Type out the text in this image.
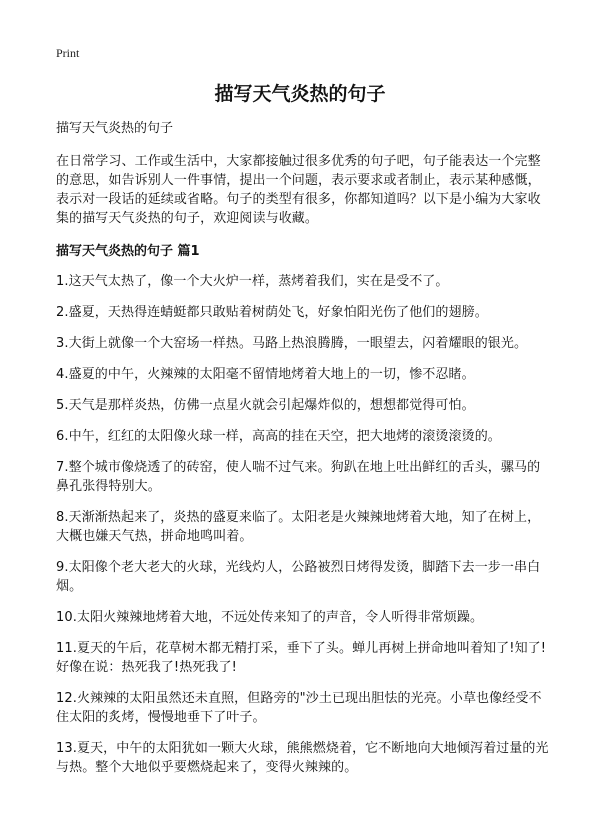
Print
描写天气炎热的句子

描写天气炎热的句子

在日常学习、工作或生活中，大家都接触过很多优秀的句子吧，句子能表达一个完整的意思，如告诉别人一件事情，提出一个问题，表示要求或者制止，表示某种感慨，表示对一段话的延续或省略。句子的类型有很多，你都知道吗？以下是小编为大家收集的描写天气炎热的句子，欢迎阅读与收藏。

描写天气炎热的句子 篇1

1.这天气太热了，像一个大火炉一样，蒸烤着我们，实在是受不了。
2.盛夏，天热得连蜻蜓都只敢贴着树荫处飞，好象怕阳光伤了他们的翅膀。
3.大街上就像一个大窑场一样热。马路上热浪腾腾，一眼望去，闪着耀眼的银光。
4.盛夏的中午，火辣辣的太阳毫不留情地烤着大地上的一切，惨不忍睹。
5.天气是那样炎热，仿佛一点星火就会引起爆炸似的，想想都觉得可怕。
6.中午，红红的太阳像火球一样，高高的挂在天空，把大地烤的滚烫滚烫的。
7.整个城市像烧透了的砖窑，使人喘不过气来。狗趴在地上吐出鲜红的舌头，骡马的鼻孔张得特别大。
8.天渐渐热起来了，炎热的盛夏来临了。太阳老是火辣辣地烤着大地，知了在树上，大概也嫌天气热，拼命地鸣叫着。
9.太阳像个老大老大的火球，光线灼人，公路被烈日烤得发烫，脚踏下去一步一串白烟。
10.太阳火辣辣地烤着大地，不远处传来知了的声音，令人听得非常烦躁。
11.夏天的午后，花草树木都无精打采，垂下了头。蝉儿再树上拼命地叫着知了!知了!好像在说：热死我了!热死我了!
12.火辣辣的太阳虽然还未直照，但路旁的"沙土已现出胆怯的光亮。小草也像经受不住太阳的炙烤，慢慢地垂下了叶子。
13.夏天，中午的太阳犹如一颗大火球，熊熊燃烧着，它不断地向大地倾泻着过量的光与热。整个大地似乎要燃烧起来了，变得火辣辣的。
